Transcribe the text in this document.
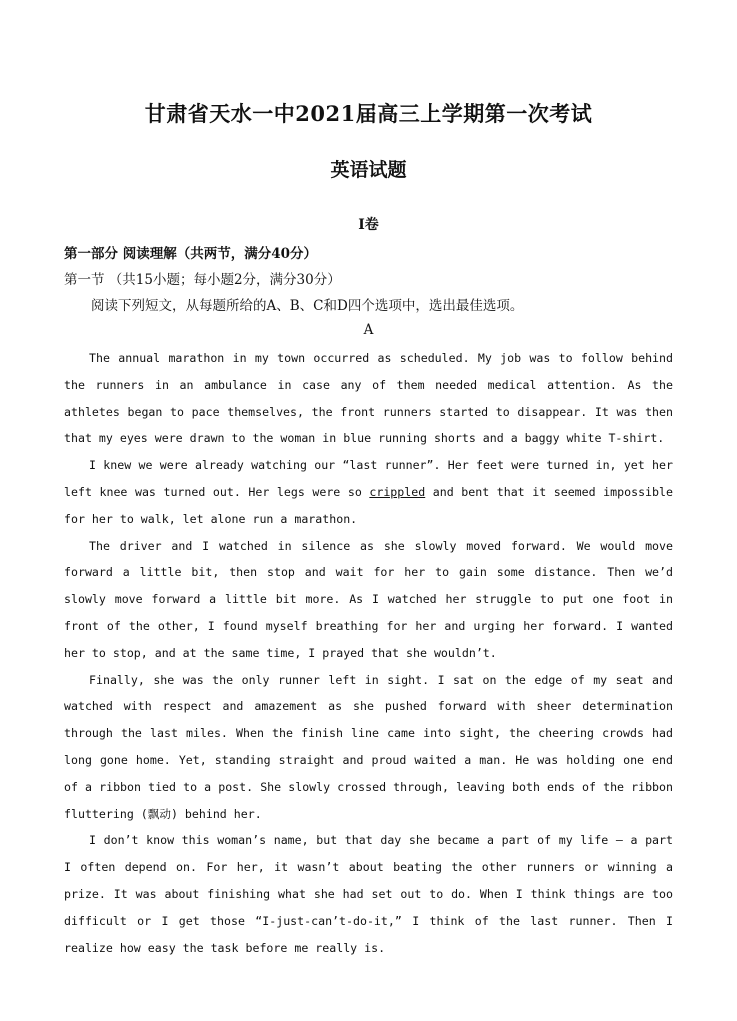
甘肃省天水一中2021届高三上学期第一次考试
英语试题
I卷
第一部分 阅读理解（共两节，满分40分）
第一节 （共15小题；每小题2分，满分30分）
阅读下列短文，从每题所给的A、B、C和D四个选项中，选出最佳选项。
A

The annual marathon in my town occurred as scheduled. My job was to follow behind the runners in an ambulance in case any of them needed medical attention. As the athletes began to pace themselves, the front runners started to disappear. It was then that my eyes were drawn to the woman in blue running shorts and a baggy white T-shirt.

I knew we were already watching our “last runner”. Her feet were turned in, yet her left knee was turned out. Her legs were so crippled and bent that it seemed impossible for her to walk, let alone run a marathon.

The driver and I watched in silence as she slowly moved forward. We would move forward a little bit, then stop and wait for her to gain some distance. Then we’d slowly move forward a little bit more. As I watched her struggle to put one foot in front of the other, I found myself breathing for her and urging her forward. I wanted her to stop, and at the same time, I prayed that she wouldn’t.

Finally, she was the only runner left in sight. I sat on the edge of my seat and watched with respect and amazement as she pushed forward with sheer determination through the last miles. When the finish line came into sight, the cheering crowds had long gone home. Yet, standing straight and proud waited a man. He was holding one end of a ribbon tied to a post. She slowly crossed through, leaving both ends of the ribbon fluttering (飘动) behind her.

I don’t know this woman’s name, but that day she became a part of my life — a part I often depend on. For her, it wasn’t about beating the other runners or winning a prize. It was about finishing what she had set out to do. When I think things are too difficult or I get those “I-just-can’t-do-it,” I think of the last runner. Then I realize how easy the task before me really is.
